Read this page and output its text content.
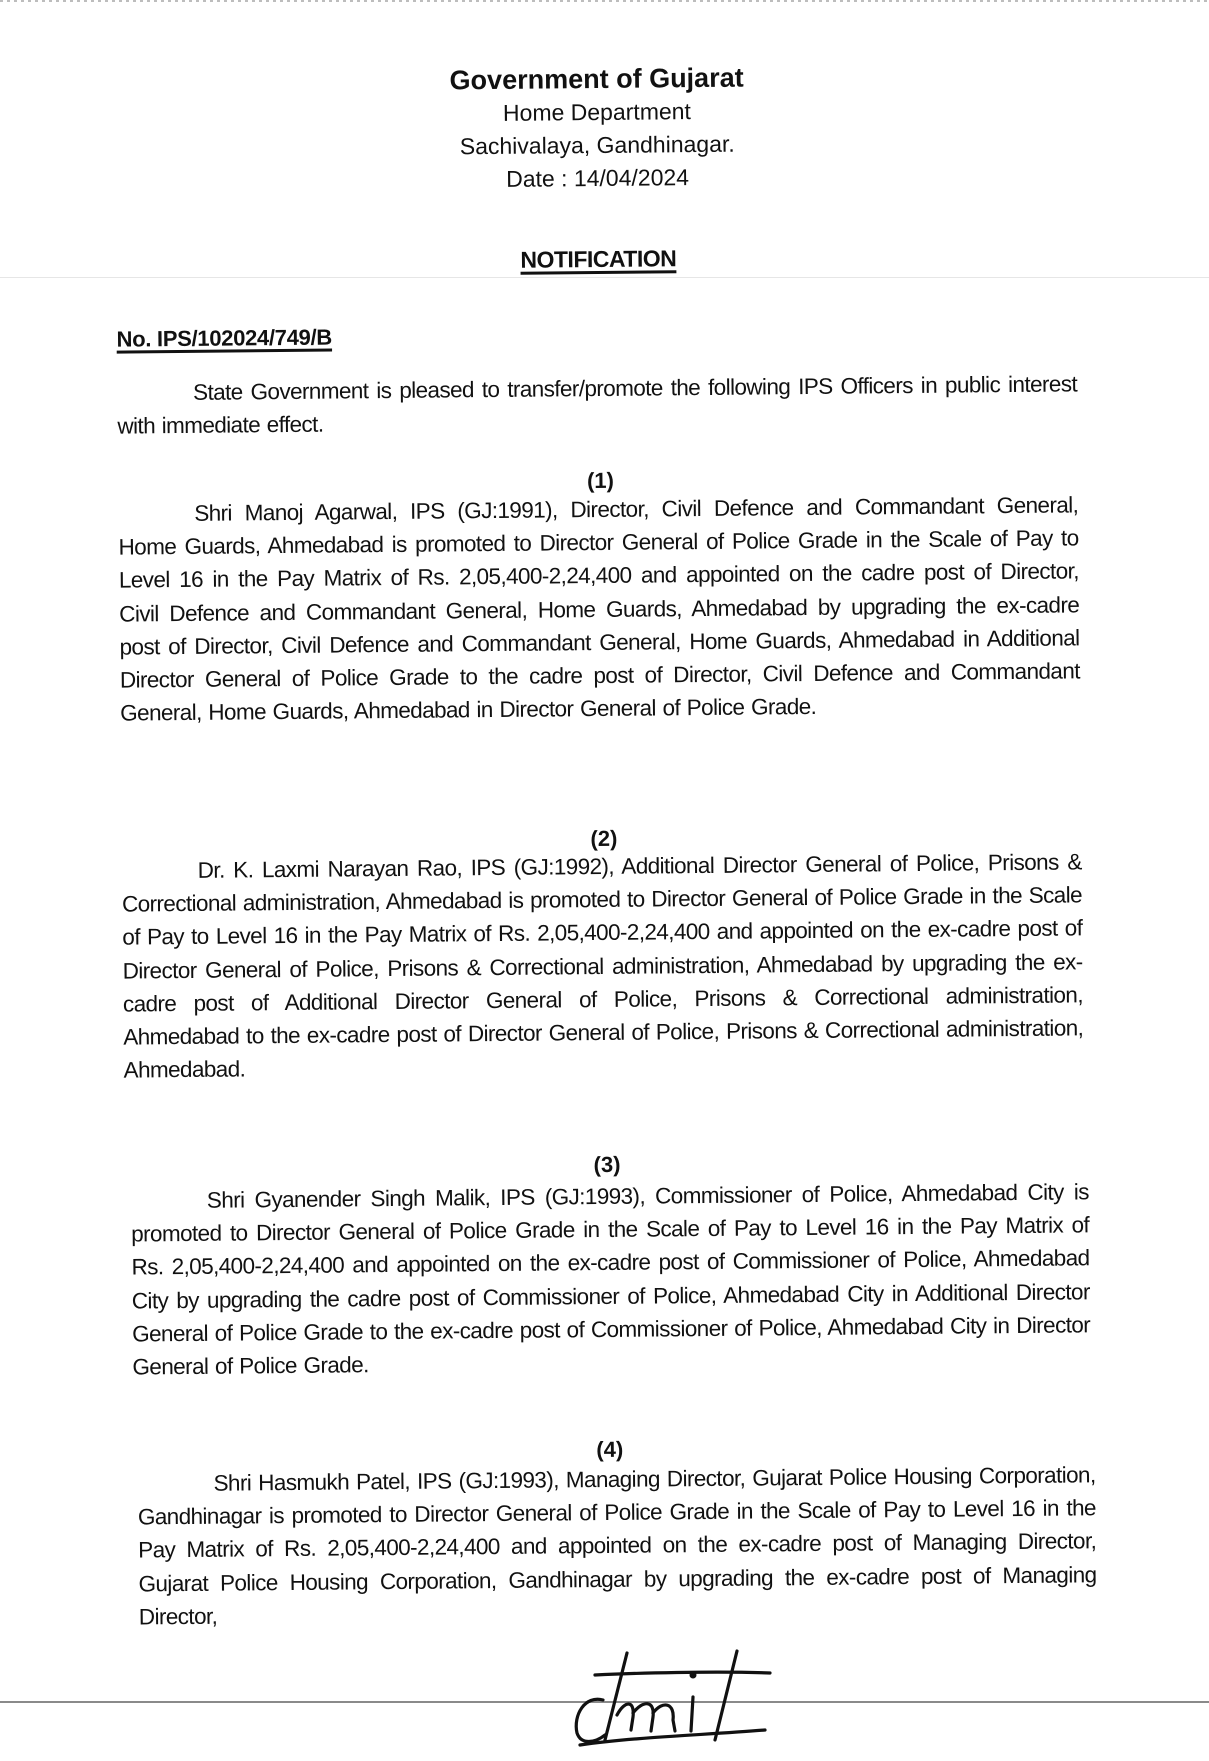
Government of Gujarat
Home Department
Sachivalaya, Gandhinagar.
Date : 14/04/2024
NOTIFICATION
No. IPS/102024/749/B
State Government is pleased to transfer/promote the following IPS Officers in public interest with immediate effect.
(1)
Shri Manoj Agarwal, IPS (GJ:1991), Director, Civil Defence and Commandant General, Home Guards, Ahmedabad is promoted to Director General of Police Grade in the Scale of Pay to Level 16 in the Pay Matrix of Rs. 2,05,400-2,24,400 and appointed on the cadre post of Director, Civil Defence and Commandant General, Home Guards, Ahmedabad by upgrading the ex-cadre post of Director, Civil Defence and Commandant General, Home Guards, Ahmedabad in Additional Director General of Police Grade to the cadre post of Director, Civil Defence and Commandant General, Home Guards, Ahmedabad in Director General of Police Grade.
(2)
Dr. K. Laxmi Narayan Rao, IPS (GJ:1992), Additional Director General of Police, Prisons & Correctional administration, Ahmedabad is promoted to Director General of Police Grade in the Scale of Pay to Level 16 in the Pay Matrix of Rs. 2,05,400-2,24,400 and appointed on the ex-cadre post of Director General of Police, Prisons & Correctional administration, Ahmedabad by upgrading the ex-cadre post of Additional Director General of Police, Prisons & Correctional administration, Ahmedabad to the ex-cadre post of Director General of Police, Prisons & Correctional administration, Ahmedabad.
(3)
Shri Gyanender Singh Malik, IPS (GJ:1993), Commissioner of Police, Ahmedabad City is promoted to Director General of Police Grade in the Scale of Pay to Level 16 in the Pay Matrix of Rs. 2,05,400-2,24,400 and appointed on the ex-cadre post of Commissioner of Police, Ahmedabad City by upgrading the cadre post of Commissioner of Police, Ahmedabad City in Additional Director General of Police Grade to the ex-cadre post of Commissioner of Police, Ahmedabad City in Director General of Police Grade.
(4)
Shri Hasmukh Patel, IPS (GJ:1993), Managing Director, Gujarat Police Housing Corporation, Gandhinagar is promoted to Director General of Police Grade in the Scale of Pay to Level 16 in the Pay Matrix of Rs. 2,05,400-2,24,400 and appointed on the ex-cadre post of Managing Director, Gujarat Police Housing Corporation, Gandhinagar by upgrading the ex-cadre post of Managing Director,
